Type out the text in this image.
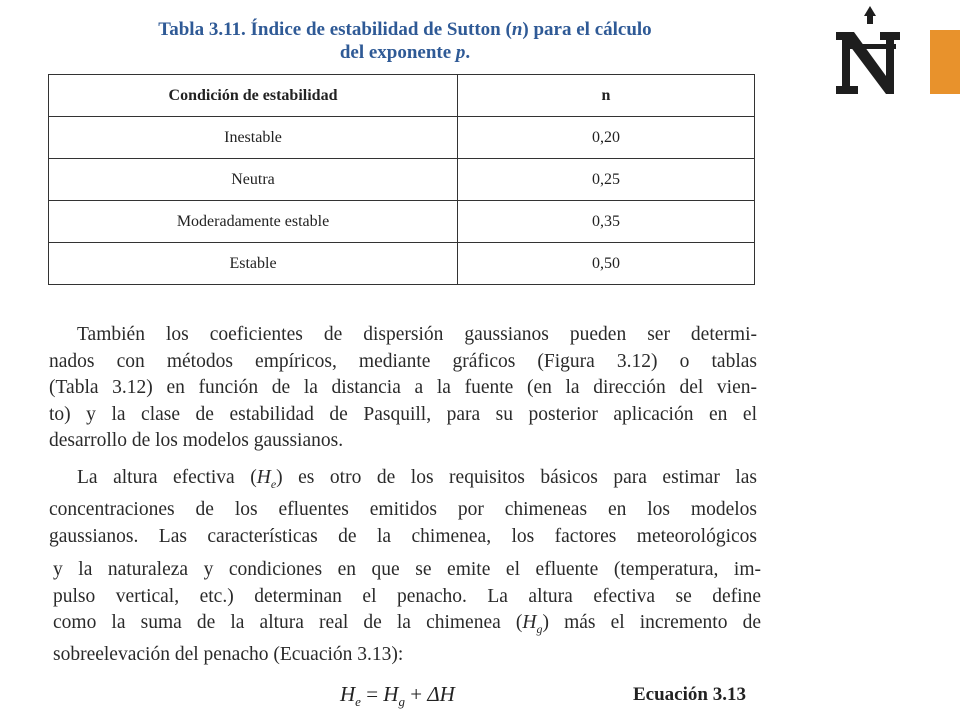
Tabla 3.11. Índice de estabilidad de Sutton (n) para el cálculo
del exponente p.
Condición de estabilidad	n
Inestable	0,20
Neutra	0,25
Moderadamente estable	0,35
Estable	0,50
También los coeficientes de dispersión gaussianos pueden ser determi-
nados con métodos empíricos, mediante gráficos (Figura 3.12) o tablas
(Tabla 3.12) en función de la distancia a la fuente (en la dirección del vien-
to) y la clase de estabilidad de Pasquill, para su posterior aplicación en el
desarrollo de los modelos gaussianos.
La altura efectiva $(H_e)$ es otro de los requisitos básicos para estimar las
concentraciones de los efluentes emitidos por chimeneas en los modelos
gaussianos. Las características de la chimenea, los factores meteorológicos
y la naturaleza y condiciones en que se emite el efluente (temperatura, im-
pulso vertical, etc.) determinan el penacho. La altura efectiva se define
como la suma de la altura real de la chimenea $(H_g)$ más el incremento de
sobreelevación del penacho (Ecuación 3.13):
$H_e = H_g + \Delta H$	Ecuación 3.13
